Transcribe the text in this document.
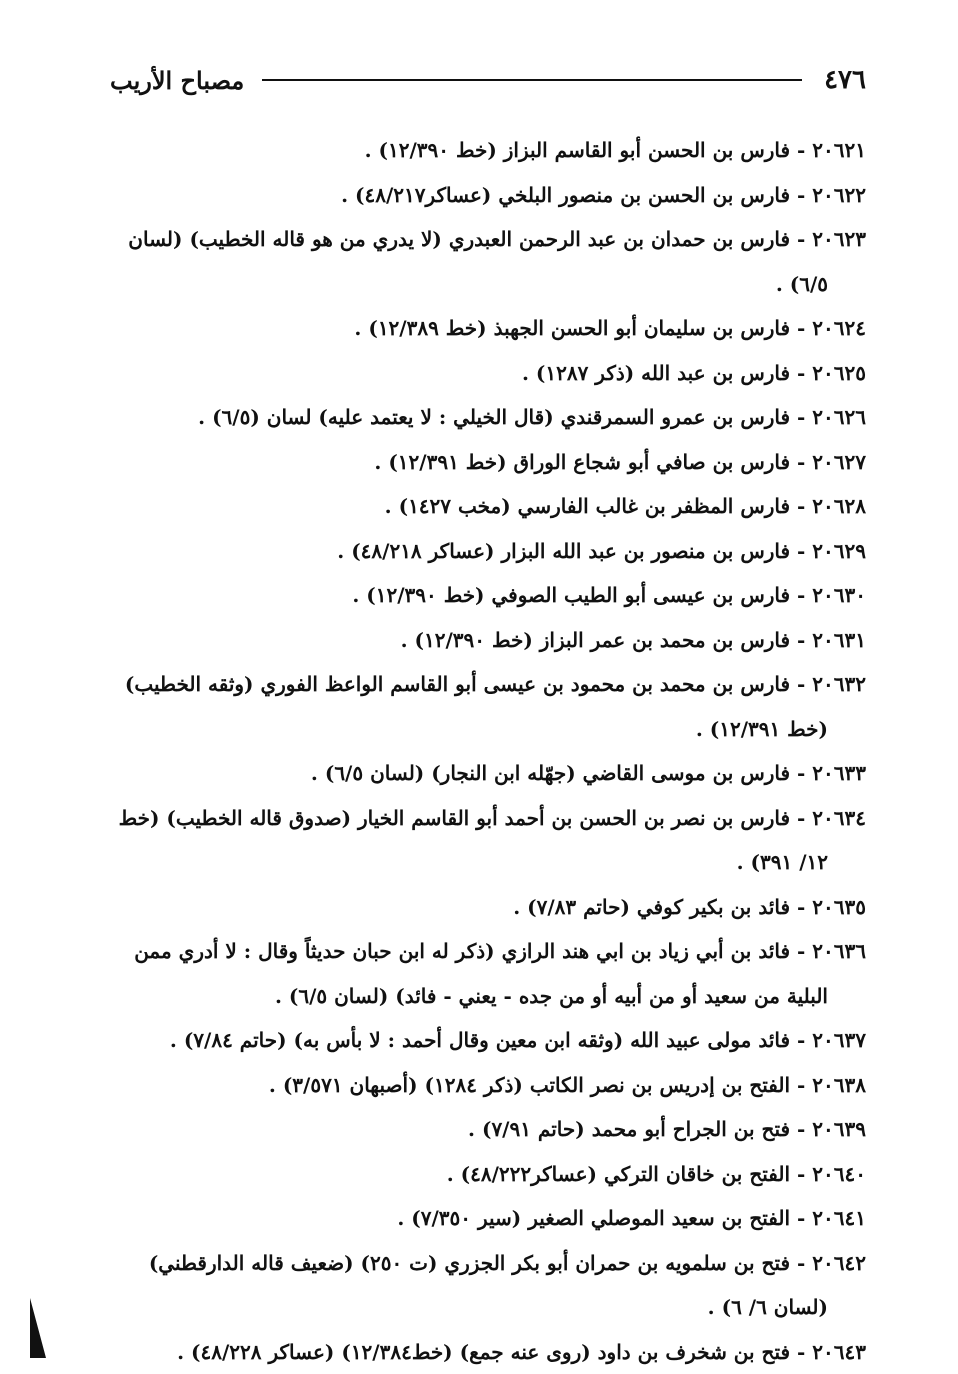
٤٧٦
مصباح الأريب
٢٠٦٢١ - فارس بن الحسن أبو القاسم البزاز (خط ١٢/٣٩٠) .
٢٠٦٢٢ - فارس بن الحسن بن منصور البلخي (عساكر٤٨/٢١٧) .
٢٠٦٢٣ - فارس بن حمدان بن عبد الرحمن العبدري (لا يدري من هو قاله الخطيب) (لسان ٦/٥) .
٢٠٦٢٤ - فارس بن سليمان أبو الحسن الجهبذ (خط ١٢/٣٨٩) .
٢٠٦٢٥ - فارس بن عبد الله (ذكر ١٢٨٧) .
٢٠٦٢٦ - فارس بن عمرو السمرقندي (قال الخيلي : لا يعتمد عليه) لسان (٦/٥) .
٢٠٦٢٧ - فارس بن صافي أبو شجاع الوراق (خط ١٢/٣٩١) .
٢٠٦٢٨ - فارس المظفر بن غالب الفارسي (مخب ١٤٢٧) .
٢٠٦٢٩ - فارس بن منصور بن عبد الله البزار (عساكر ٤٨/٢١٨) .
٢٠٦٣٠ - فارس بن عيسى أبو الطيب الصوفي (خط ١٢/٣٩٠) .
٢٠٦٣١ - فارس بن محمد بن عمر البزاز (خط ١٢/٣٩٠) .
٢٠٦٣٢ - فارس بن محمد بن محمود بن عيسى أبو القاسم الواعظ الفوري (وثقه الخطيب) (خط ١٢/٣٩١) .
٢٠٦٣٣ - فارس بن موسى القاضي (جهّله ابن النجار) (لسان ٦/٥) .
٢٠٦٣٤ - فارس بن نصر بن الحسن بن أحمد أبو القاسم الخيار (صدوق قاله الخطيب) (خط ١٢/ ٣٩١) .
٢٠٦٣٥ - فائد بن بكير كوفي (حاتم ٧/٨٣) .
٢٠٦٣٦ - فائد بن أبي زياد بن ابي هند الرازي (ذكر له ابن حبان حديثاً وقال : لا أدري ممن البلية من سعيد أو من أبيه أو من جده - يعني - فائد) (لسان ٦/٥) .
٢٠٦٣٧ - فائد مولى عبيد الله (وثقه ابن معين وقال أحمد : لا بأس به) (حاتم ٧/٨٤) .
٢٠٦٣٨ - الفتح بن إدريس بن نصر الكاتب (ذكر ١٢٨٤) (أصبهان ٣/٥٧١) .
٢٠٦٣٩ - فتح بن الجراح أبو محمد (حاتم ٧/٩١) .
٢٠٦٤٠ - الفتح بن خاقان التركي (عساكر٤٨/٢٢٢) .
٢٠٦٤١ - الفتح بن سعيد الموصلي الصغير (سير ٧/٣٥٠) .
٢٠٦٤٢ - فتح بن سلمويه بن حمران أبو بكر الجزري (ت ٢٥٠) (ضعيف قاله الدارقطني) (لسان ٦/ ٦) .
٢٠٦٤٣ - فتح بن شخرف بن داود (روى عنه جمع) (خط١٢/٣٨٤) (عساكر ٤٨/٢٢٨) .
